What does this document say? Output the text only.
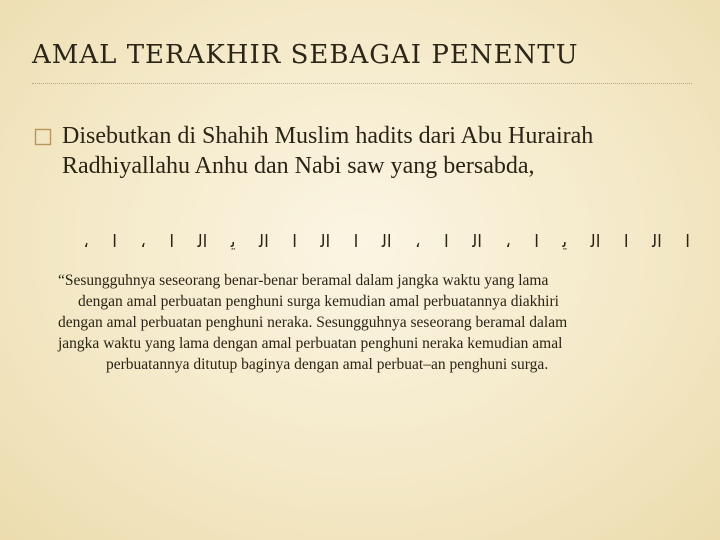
AMAL TERAKHIR SEBAGAI PENENTU
Disebutkan di Shahih Muslim hadits dari Abu Hurairah Radhiyallahu Anhu dan Nabi saw yang bersabda,
ﺍ ﺍﻟ ﺍ ﺍﻟ ﻳ ﺍ ، ﺍﻟ ﺍ ، ﺍﻟ ﺍ ﺍﻟ ﺍ ﺍﻟ ﻳ ﺍﻟ ﺍ ، ﺍ ،
“Sesungguhnya seseorang benar-benar beramal dalam jangka waktu yang lama
dengan amal perbuatan penghuni surga kemudian amal perbuatannya diakhiri
dengan amal perbuatan penghuni neraka. Sesungguhnya seseorang beramal dalam
jangka waktu yang lama dengan amal perbuatan penghuni neraka kemudian amal
perbuatannya ditutup baginya dengan amal perbuat–an penghuni surga.
